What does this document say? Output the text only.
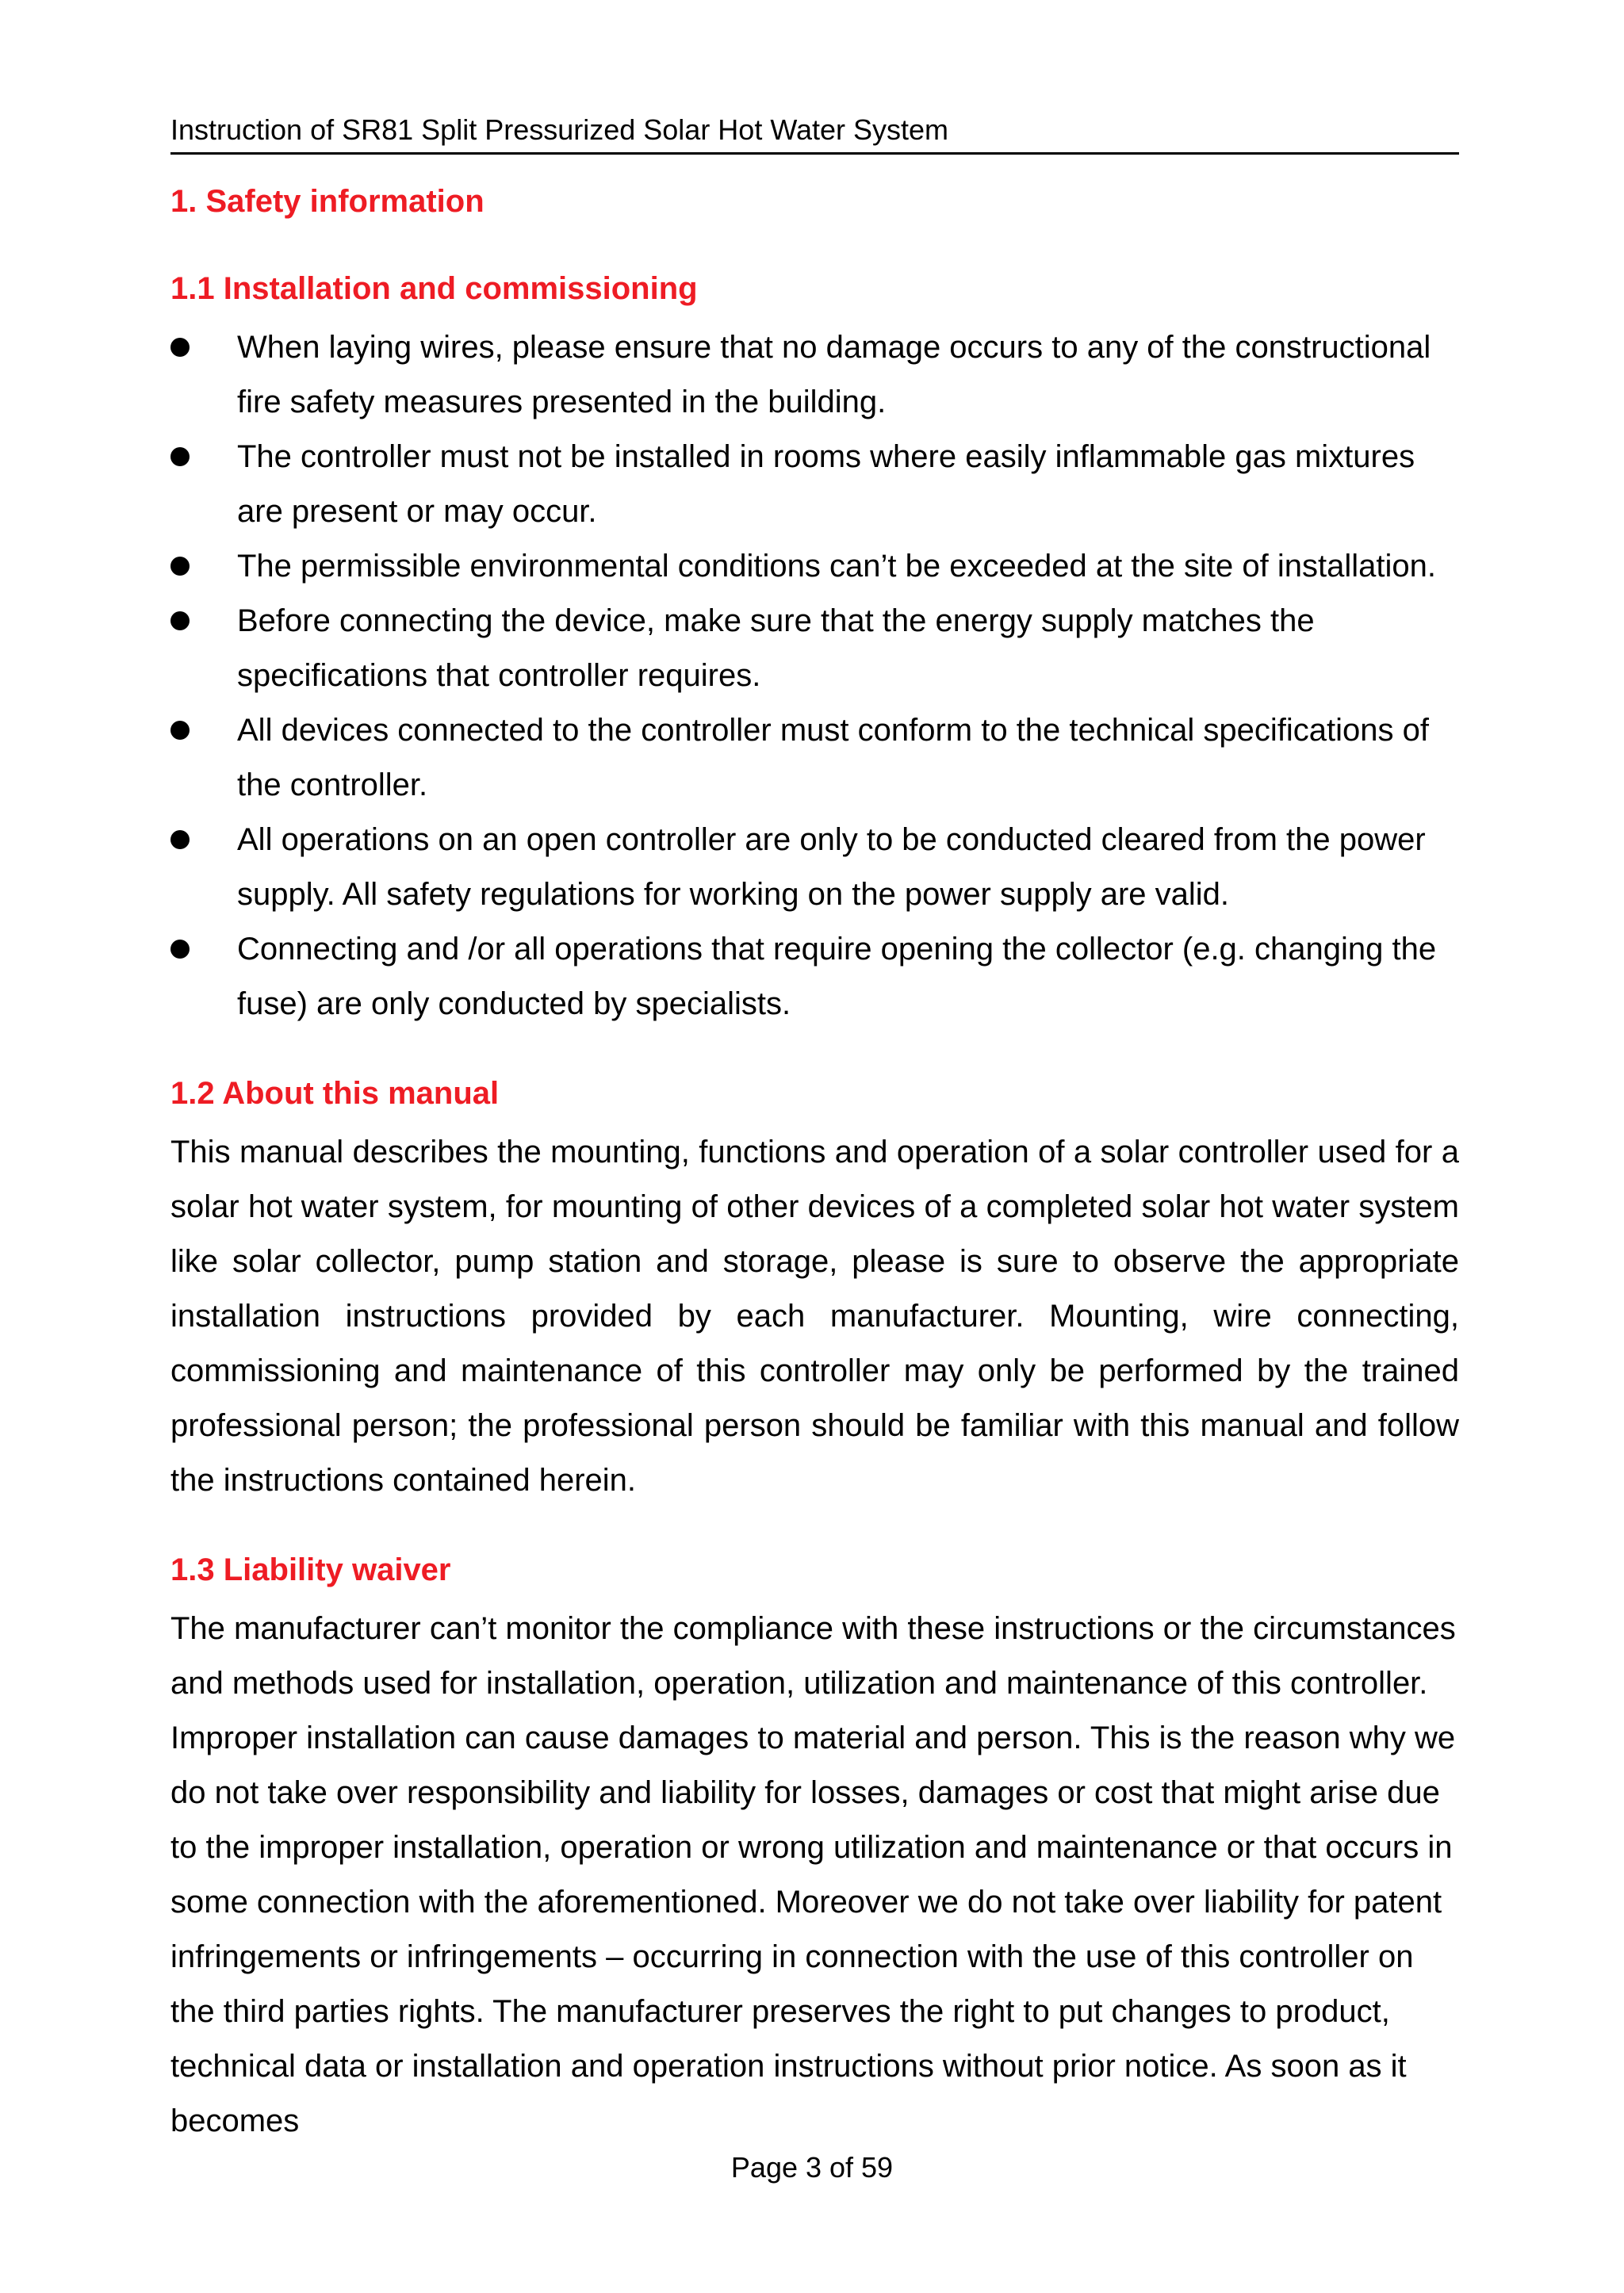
Instruction of SR81 Split Pressurized Solar Hot Water System
1. Safety information
1.1 Installation and commissioning
When laying wires, please ensure that no damage occurs to any of the constructional fire safety measures presented in the building.
The controller must not be installed in rooms where easily inflammable gas mixtures are present or may occur.
The permissible environmental conditions can’t be exceeded at the site of installation.
Before connecting the device, make sure that the energy supply matches the specifications that controller requires.
All devices connected to the controller must conform to the technical specifications of the controller.
All operations on an open controller are only to be conducted cleared from the power supply. All safety regulations for working on the power supply are valid.
Connecting and /or all operations that require opening the collector (e.g. changing the fuse) are only conducted by specialists.
1.2 About this manual

This manual describes the mounting, functions and operation of a solar controller used for a solar hot water system, for mounting of other devices of a completed solar hot water system like solar collector, pump station and storage, please is sure to observe the appropriate installation instructions provided by each manufacturer. Mounting, wire connecting, commissioning and maintenance of this controller may only be performed by the trained professional person; the professional person should be familiar with this manual and follow the instructions contained herein.

1.3 Liability waiver

The manufacturer can’t monitor the compliance with these instructions or the circumstances and methods used for installation, operation, utilization and maintenance of this controller. Improper installation can cause damages to material and person. This is the reason why we do not take over responsibility and liability for losses, damages or cost that might arise due to the improper installation, operation or wrong utilization and maintenance or that occurs in some connection with the aforementioned. Moreover we do not take over liability for patent infringements or infringements – occurring in connection with the use of this controller on the third parties rights. The manufacturer preserves the right to put changes to product, technical data or installation and operation instructions without prior notice. As soon as it becomes

Page 3 of 59
